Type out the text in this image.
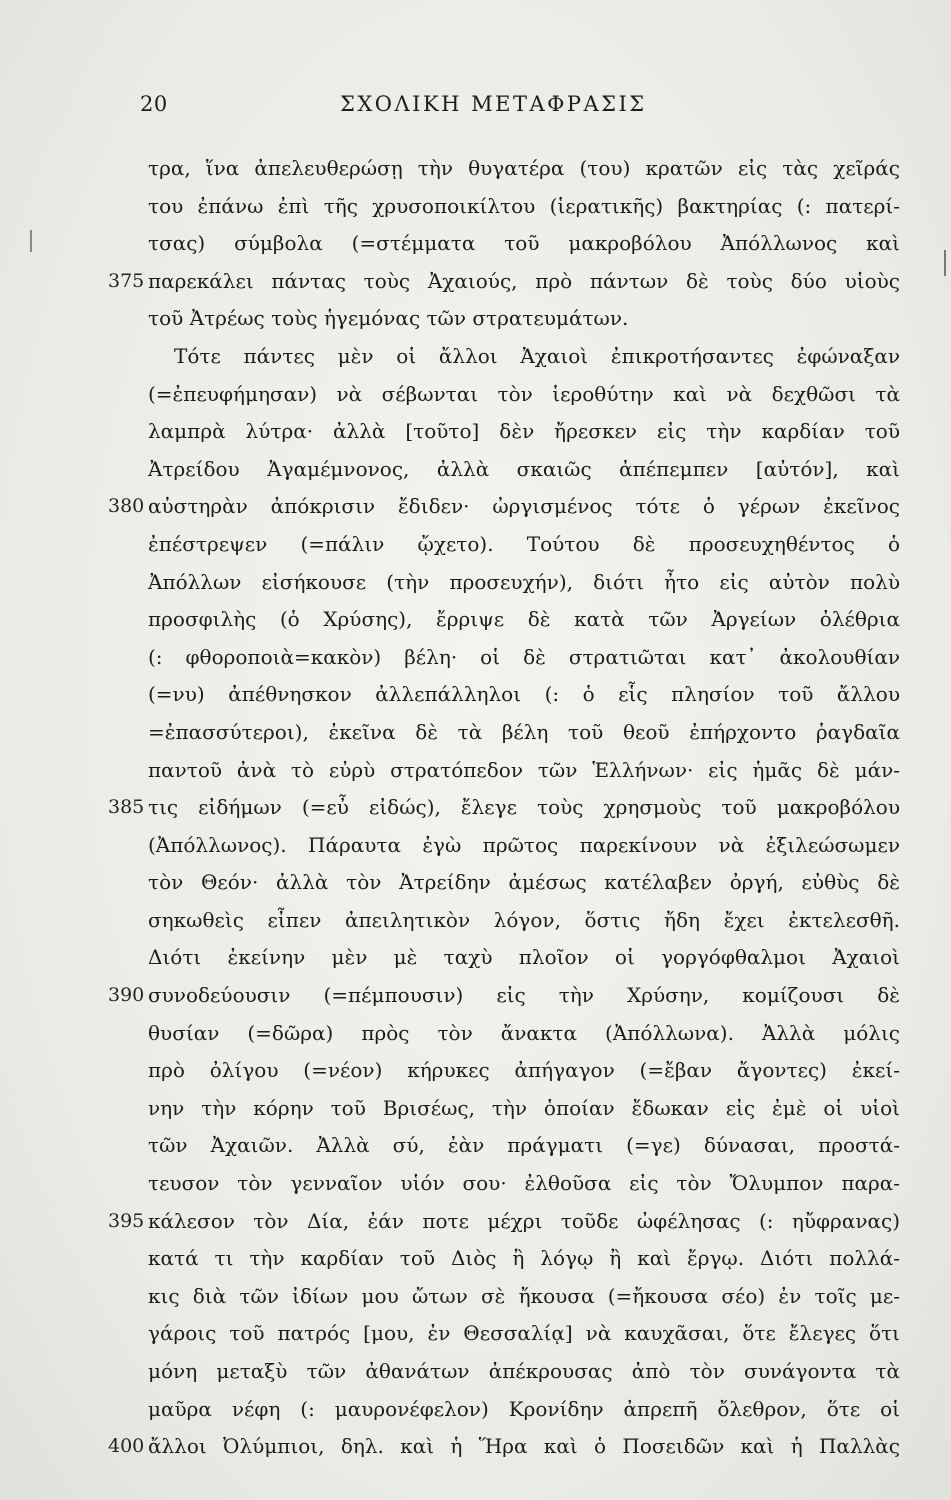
20	ΣΧΟΛΙΚΗ ΜΕΤΑΦΡΑΣΙΣ
τρα, ἵνα ἀπελευθερώσῃ τὴν θυγατέρα (του) κρατῶν εἰς τὰς χεῖράς
του ἐπάνω ἐπὶ τῆς χρυσοποικίλτου (ἱερατικῆς) βακτηρίας (: πατερί-
τσας) σύμβολα (=στέμματα τοῦ μακροβόλου Ἀπόλλωνος καὶ
375 παρεκάλει πάντας τοὺς Ἀχαιούς, πρὸ πάντων δὲ τοὺς δύο υἱοὺς
τοῦ Ἀτρέως τοὺς ἡγεμόνας τῶν στρατευμάτων.
Τότε πάντες μὲν οἱ ἄλλοι Ἀχαιοὶ ἐπικροτήσαντες ἐφώναξαν
(=ἐπευφήμησαν) νὰ σέβωνται τὸν ἱεροθύτην καὶ νὰ δεχθῶσι τὰ
λαμπρὰ λύτρα· ἀλλὰ [τοῦτο] δὲν ἤρεσκεν εἰς τὴν καρδίαν τοῦ
Ἀτρείδου Ἀγαμέμνονος, ἀλλὰ σκαιῶς ἀπέπεμπεν [αὐτόν], καὶ
380 αὐστηρὰν ἀπόκρισιν ἔδιδεν· ὠργισμένος τότε ὁ γέρων ἐκεῖνος
ἐπέστρεψεν (=πάλιν ᾤχετο). Τούτου δὲ προσευχηθέντος ὁ
Ἀπόλλων εἰσήκουσε (τὴν προσευχήν), διότι ἦτο εἰς αὐτὸν πολὺ
προσφιλὴς (ὁ Χρύσης), ἔρριψε δὲ κατὰ τῶν Ἀργείων ὀλέθρια
(: φθοροποιὰ=κακὸν) βέλη· οἱ δὲ στρατιῶται κατ᾽ ἀκολουθίαν
(=νυ) ἀπέθνησκον ἀλλεπάλληλοι (: ὁ εἷς πλησίον τοῦ ἄλλου
=ἐπασσύτεροι), ἐκεῖνα δὲ τὰ βέλη τοῦ θεοῦ ἐπήρχοντο ῥαγδαῖα
παντοῦ ἀνὰ τὸ εὐρὺ στρατόπεδον τῶν Ἑλλήνων· εἰς ἡμᾶς δὲ μάν-
385 τις εἰδήμων (=εὖ εἰδώς), ἔλεγε τοὺς χρησμοὺς τοῦ μακροβόλου
(Ἀπόλλωνος). Πάραυτα ἐγὼ πρῶτος παρεκίνουν νὰ ἐξιλεώσωμεν
τὸν Θεόν· ἀλλὰ τὸν Ἀτρείδην ἀμέσως κατέλαβεν ὀργή, εὐθὺς δὲ
σηκωθεὶς εἶπεν ἀπειλητικὸν λόγον, ὅστις ἤδη ἔχει ἐκτελεσθῆ.
Διότι ἐκείνην μὲν μὲ ταχὺ πλοῖον οἱ γοργόφθαλμοι Ἀχαιοὶ
390 συνοδεύουσιν (=πέμπουσιν) εἰς τὴν Χρύσην, κομίζουσι δὲ
θυσίαν (=δῶρα) πρὸς τὸν ἄνακτα (Ἀπόλλωνα). Ἀλλὰ μόλις
πρὸ ὀλίγου (=νέον) κήρυκες ἀπήγαγον (=ἔβαν ἄγοντες) ἐκεί-
νην τὴν κόρην τοῦ Βρισέως, τὴν ὁποίαν ἔδωκαν εἰς ἐμὲ οἱ υἱοὶ
τῶν Ἀχαιῶν. Ἀλλὰ σύ, ἐὰν πράγματι (=γε) δύνασαι, προστά-
τευσον τὸν γενναῖον υἱόν σου· ἐλθοῦσα εἰς τὸν Ὄλυμπον παρα-
395 κάλεσον τὸν Δία, ἐάν ποτε μέχρι τοῦδε ὠφέλησας (: ηὔφρανας)
κατά τι τὴν καρδίαν τοῦ Διὸς ἢ λόγῳ ἢ καὶ ἔργῳ. Διότι πολλά-
κις διὰ τῶν ἰδίων μου ὤτων σὲ ἤκουσα (=ἤκουσα σέο) ἐν τοῖς με-
γάροις τοῦ πατρός [μου, ἐν Θεσσαλίᾳ] νὰ καυχᾶσαι, ὅτε ἔλεγες ὅτι
μόνη μεταξὺ τῶν ἀθανάτων ἀπέκρουσας ἀπὸ τὸν συνάγοντα τὰ
μαῦρα νέφη (: μαυρονέφελον) Κρονίδην ἀπρεπῆ ὄλεθρον, ὅτε οἱ
400 ἄλλοι Ὀλύμπιοι, δηλ. καὶ ἡ Ἥρα καὶ ὁ Ποσειδῶν καὶ ἡ Παλλὰς
